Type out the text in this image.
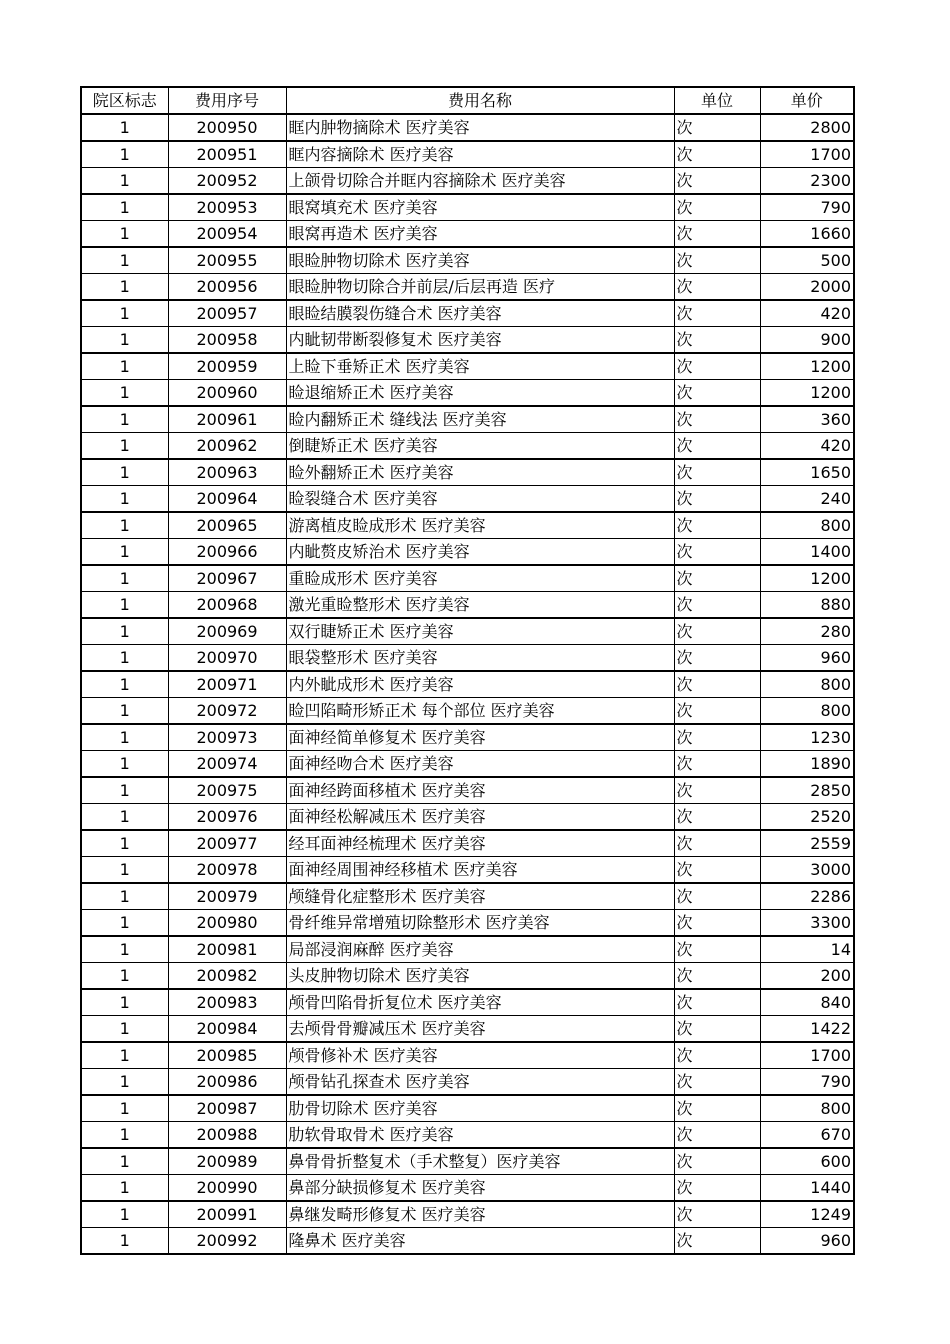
院区标志	费用序号	费用名称	单位	单价
1	200950	眶内肿物摘除术 医疗美容	次	2800
1	200951	眶内容摘除术 医疗美容	次	1700
1	200952	上颌骨切除合并眶内容摘除术 医疗美容	次	2300
1	200953	眼窝填充术 医疗美容	次	790
1	200954	眼窝再造术 医疗美容	次	1660
1	200955	眼睑肿物切除术 医疗美容	次	500
1	200956	眼睑肿物切除合并前层/后层再造 医疗	次	2000
1	200957	眼睑结膜裂伤缝合术 医疗美容	次	420
1	200958	内眦韧带断裂修复术 医疗美容	次	900
1	200959	上睑下垂矫正术 医疗美容	次	1200
1	200960	睑退缩矫正术 医疗美容	次	1200
1	200961	睑内翻矫正术 缝线法 医疗美容	次	360
1	200962	倒睫矫正术 医疗美容	次	420
1	200963	睑外翻矫正术 医疗美容	次	1650
1	200964	睑裂缝合术 医疗美容	次	240
1	200965	游离植皮睑成形术 医疗美容	次	800
1	200966	内眦赘皮矫治术 医疗美容	次	1400
1	200967	重睑成形术 医疗美容	次	1200
1	200968	激光重睑整形术 医疗美容	次	880
1	200969	双行睫矫正术 医疗美容	次	280
1	200970	眼袋整形术 医疗美容	次	960
1	200971	内外眦成形术 医疗美容	次	800
1	200972	睑凹陷畸形矫正术 每个部位 医疗美容	次	800
1	200973	面神经简单修复术 医疗美容	次	1230
1	200974	面神经吻合术 医疗美容	次	1890
1	200975	面神经跨面移植术 医疗美容	次	2850
1	200976	面神经松解减压术 医疗美容	次	2520
1	200977	经耳面神经梳理术 医疗美容	次	2559
1	200978	面神经周围神经移植术 医疗美容	次	3000
1	200979	颅缝骨化症整形术 医疗美容	次	2286
1	200980	骨纤维异常增殖切除整形术 医疗美容	次	3300
1	200981	局部浸润麻醉 医疗美容	次	14
1	200982	头皮肿物切除术 医疗美容	次	200
1	200983	颅骨凹陷骨折复位术 医疗美容	次	840
1	200984	去颅骨骨瓣减压术 医疗美容	次	1422
1	200985	颅骨修补术 医疗美容	次	1700
1	200986	颅骨钻孔探查术 医疗美容	次	790
1	200987	肋骨切除术 医疗美容	次	800
1	200988	肋软骨取骨术 医疗美容	次	670
1	200989	鼻骨骨折整复术（手术整复）医疗美容	次	600
1	200990	鼻部分缺损修复术 医疗美容	次	1440
1	200991	鼻继发畸形修复术 医疗美容	次	1249
1	200992	隆鼻术 医疗美容	次	960
